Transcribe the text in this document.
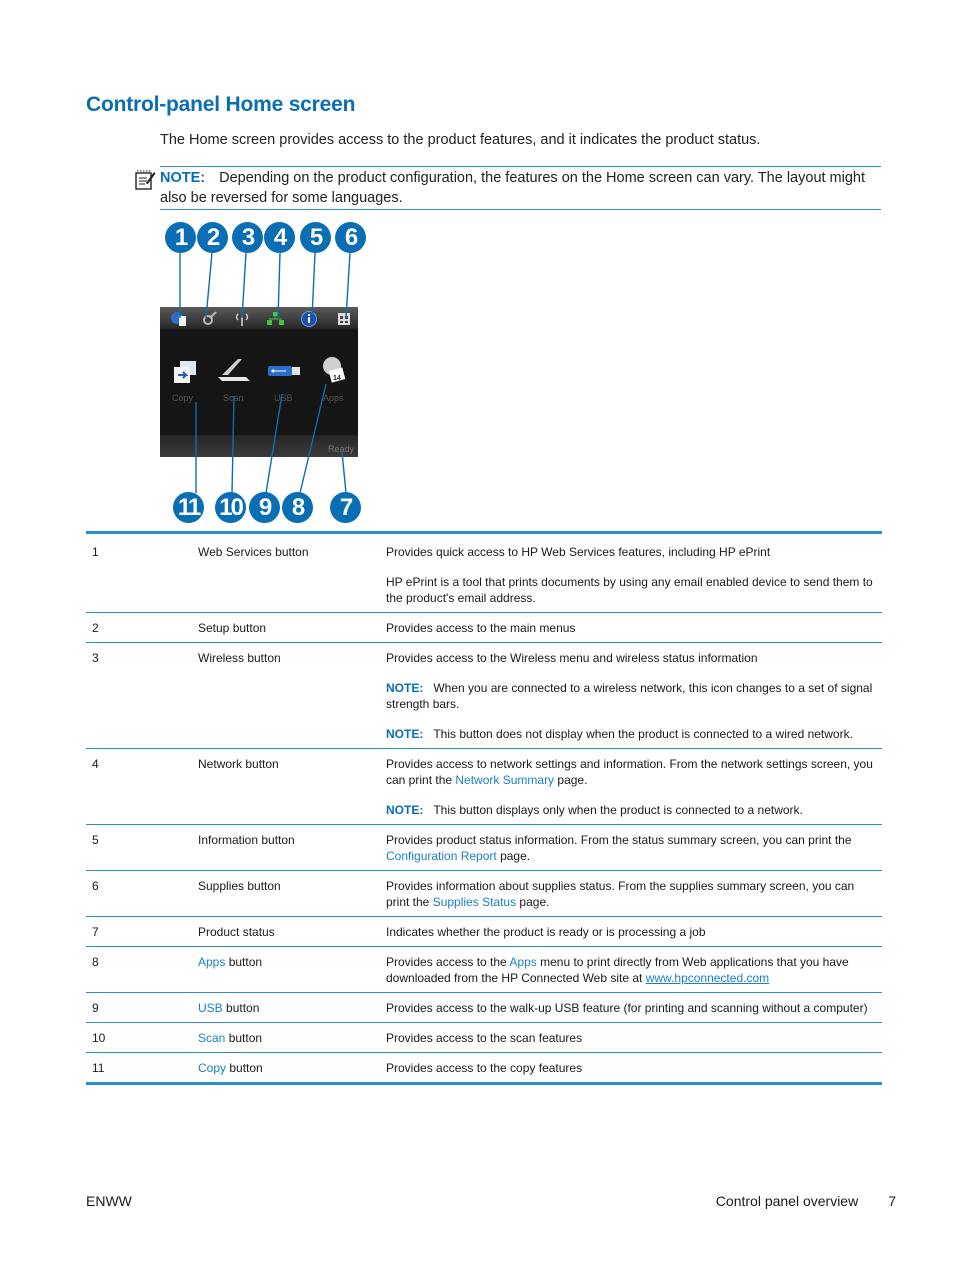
Control-panel Home screen

The Home screen provides access to the product features, and it indicates the product status.

NOTE: Depending on the product configuration, the features on the Home screen can vary. The layout might also be reversed for some languages.
1 2 3 4	5 6
14
Copy	Scan	USB	Apps
Ready
11 10 9 8	7
1	Web Services button	Provides quick access to HP Web Services features, including HP ePrint

HP ePrint is a tool that prints documents by using any email enabled device to send them to the product's email address.

2	Setup button	Provides access to the main menus

3	Wireless button	Provides access to the Wireless menu and wireless status information

NOTE: When you are connected to a wireless network, this icon changes to a set of signal strength bars.

NOTE: This button does not display when the product is connected to a wired network.

4	Network button	Provides access to network settings and information. From the network settings screen, you can print the Network Summary page.

NOTE: This button displays only when the product is connected to a network.

5	Information button	Provides product status information. From the status summary screen, you can print the Configuration Report page.

6	Supplies button	Provides information about supplies status. From the supplies summary screen, you can print the Supplies Status page.

7	Product status	Indicates whether the product is ready or is processing a job

8	Apps button	Provides access to the Apps menu to print directly from Web applications that you have downloaded from the HP Connected Web site at www.hpconnected.com

9	USB button	Provides access to the walk-up USB feature (for printing and scanning without a computer)

10	Scan button	Provides access to the scan features

11	Copy button	Provides access to the copy features

ENWW	Control panel overview 7
